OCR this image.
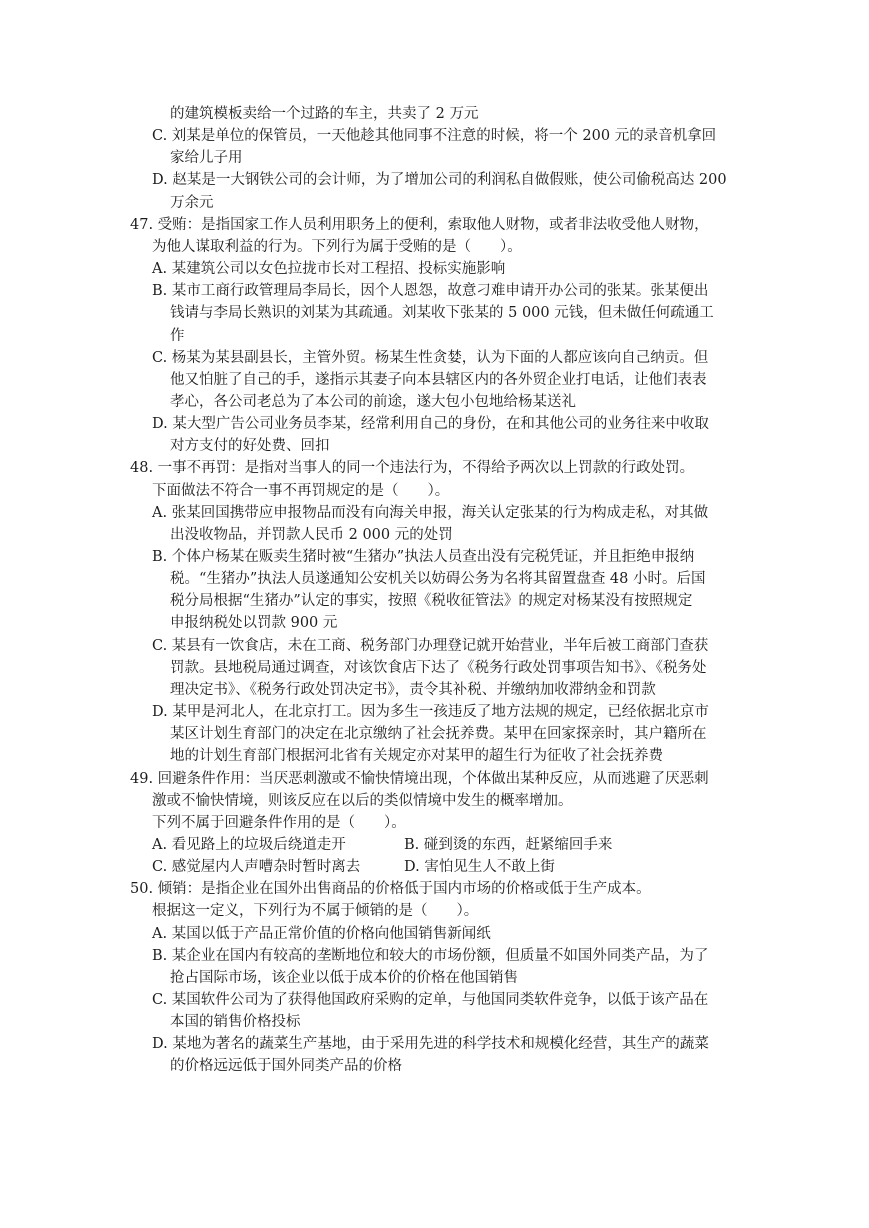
的建筑模板卖给一个过路的车主，共卖了 2 万元
C. 刘某是单位的保管员，一天他趁其他同事不注意的时候，将一个 200 元的录音机拿回
家给儿子用
D. 赵某是一大钢铁公司的会计师，为了增加公司的利润私自做假账，使公司偷税高达 200
万余元
47. 受贿：是指国家工作人员利用职务上的便利，索取他人财物，或者非法收受他人财物，
为他人谋取利益的行为。下列行为属于受贿的是（　　）。
A. 某建筑公司以女色拉拢市长对工程招、投标实施影响
B. 某市工商行政管理局李局长，因个人恩怨，故意刁难申请开办公司的张某。张某便出
钱请与李局长熟识的刘某为其疏通。刘某收下张某的 5 000 元钱，但未做任何疏通工
作
C. 杨某为某县副县长，主管外贸。杨某生性贪婪，认为下面的人都应该向自己纳贡。但
他又怕脏了自己的手，遂指示其妻子向本县辖区内的各外贸企业打电话，让他们表表
孝心，各公司老总为了本公司的前途，遂大包小包地给杨某送礼
D. 某大型广告公司业务员李某，经常利用自己的身份，在和其他公司的业务往来中收取
对方支付的好处费、回扣
48. 一事不再罚：是指对当事人的同一个违法行为，不得给予两次以上罚款的行政处罚。
下面做法不符合一事不再罚规定的是（　　）。
A. 张某回国携带应申报物品而没有向海关申报，海关认定张某的行为构成走私，对其做
出没收物品，并罚款人民币 2 000 元的处罚
B. 个体户杨某在贩卖生猪时被“生猪办”执法人员查出没有完税凭证，并且拒绝申报纳
税。“生猪办”执法人员遂通知公安机关以妨碍公务为名将其留置盘查 48 小时。后国
税分局根据“生猪办”认定的事实，按照《税收征管法》的规定对杨某没有按照规定
申报纳税处以罚款 900 元
C. 某县有一饮食店，未在工商、税务部门办理登记就开始营业，半年后被工商部门查获
罚款。县地税局通过调查，对该饮食店下达了《税务行政处罚事项告知书》、《税务处
理决定书》、《税务行政处罚决定书》，责令其补税、并缴纳加收滞纳金和罚款
D. 某甲是河北人，在北京打工。因为多生一孩违反了地方法规的规定，已经依据北京市
某区计划生育部门的决定在北京缴纳了社会抚养费。某甲在回家探亲时，其户籍所在
地的计划生育部门根据河北省有关规定亦对某甲的超生行为征收了社会抚养费
49. 回避条件作用：当厌恶刺激或不愉快情境出现，个体做出某种反应，从而逃避了厌恶刺
激或不愉快情境，则该反应在以后的类似情境中发生的概率增加。
下列不属于回避条件作用的是（　　）。
A. 看见路上的垃圾后绕道走开	B. 碰到烫的东西，赶紧缩回手来
C. 感觉屋内人声嘈杂时暂时离去	D. 害怕见生人不敢上街
50. 倾销：是指企业在国外出售商品的价格低于国内市场的价格或低于生产成本。
根据这一定义，下列行为不属于倾销的是（　　）。
A. 某国以低于产品正常价值的价格向他国销售新闻纸
B. 某企业在国内有较高的垄断地位和较大的市场份额，但质量不如国外同类产品，为了
抢占国际市场，该企业以低于成本价的价格在他国销售
C. 某国软件公司为了获得他国政府采购的定单，与他国同类软件竞争，以低于该产品在
本国的销售价格投标
D. 某地为著名的蔬菜生产基地，由于采用先进的科学技术和规模化经营，其生产的蔬菜
的价格远远低于国外同类产品的价格
